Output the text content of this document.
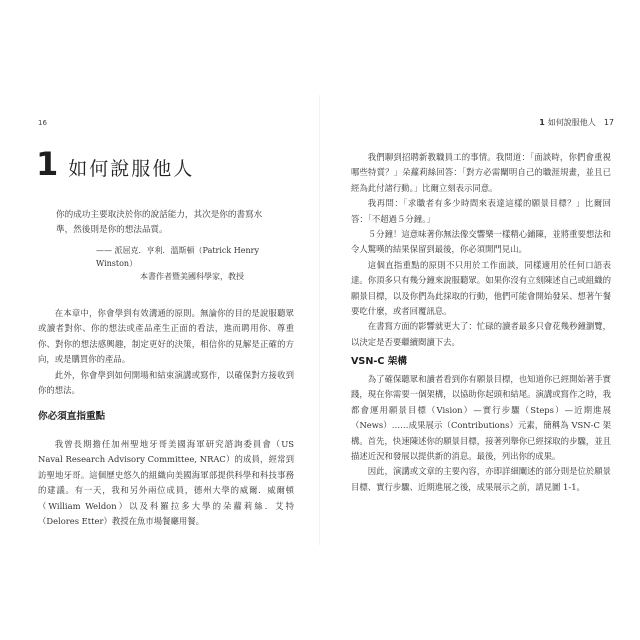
16
1 如何說服他人

你的成功主要取決於你的說話能力，其次是你的書寫水準，然後則是你的想法品質。

—— 派屈克．亨利．溫斯頓（Patrick Henry Winston）
本書作者暨美國科學家，教授

在本章中，你會學到有效溝通的原則。無論你的目的是說服聽眾或讀者對你、你的想法或產品產生正面的看法，進而聘用你、尊重你、對你的想法感興趣，制定更好的決策，相信你的見解是正確的方向，或是購買你的產品。

此外，你會學到如何開場和結束演講或寫作，以確保對方接收到你的想法。

你必須直指重點

我曾長期擔任加州聖地牙哥美國海軍研究諮詢委員會（US Naval Research Advisory Committee, NRAC）的成員，經常到訪聖地牙哥。這個歷史悠久的組織向美國海軍部提供科學和科技事務的建議。有一天，我和另外兩位成員，德州大學的威爾．威爾頓（William Weldon）以及科羅拉多大學的朵蘿莉絲．艾特（Delores Etter）教授在魚市場餐廳用餐。

1 如何說服他人 17

我們聊到招聘新教職員工的事情。我問道：「面談時，你們會重視哪些特質？」朵蘿莉絲回答：「對方必需闡明自己的職涯規畫，並且已經為此付諸行動。」比爾立刻表示同意。

我再問：「求職者有多少時間來表達這樣的願景目標？」比爾回答：「不超過５分鐘。」

５分鐘！這意味著你無法像交響樂一樣精心鋪陳，並將重要想法和令人驚嘆的結果保留到最後，你必須開門見山。

這個直指重點的原則不只用於工作面談，同樣適用於任何口語表達。你頂多只有幾分鐘來說服聽眾。如果你沒有立刻陳述自己或組織的願景目標，以及你們為此採取的行動，他們可能會開始發呆、想著午餐要吃什麼，或者回覆訊息。

在書寫方面的影響就更大了：忙碌的讀者最多只會花幾秒鐘瀏覽，以決定是否要繼續閱讀下去。

VSN-C 架構

為了確保聽眾和讀者看到你有願景目標，也知道你已經開始著手實踐，現在你需要一個架構，以協助你起頭和結尾。演講或寫作之時，我都會運用願景目標（Vision）—實行步驟（Steps）—近期進展（News）……成果展示（Contributions）元素，簡稱為 VSN-C 架構。首先，快速陳述你的願景目標，接著列舉你已經採取的步驟，並且描述近況和發展以提供新的消息。最後，列出你的成果。

因此，演講或文章的主要內容，亦即詳細闡述的部分則是位於願景目標、實行步驟、近期進展之後，成果展示之前，請見圖 1-1。
